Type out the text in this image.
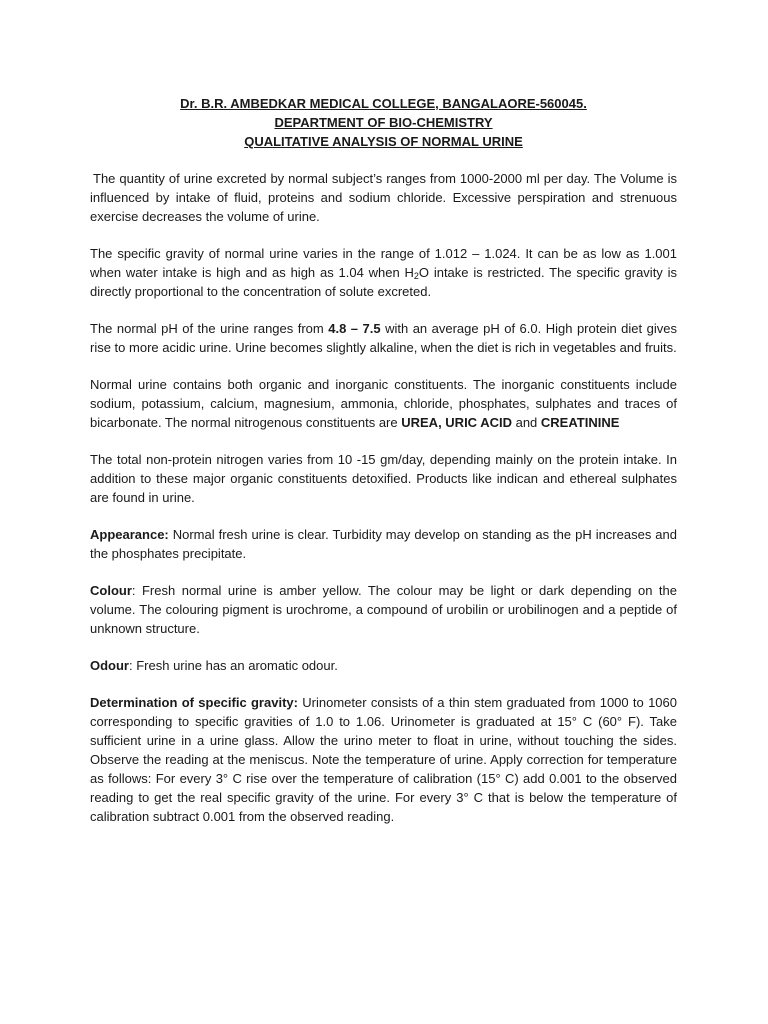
Dr. B.R. AMBEDKAR MEDICAL COLLEGE, BANGALAORE-560045.

DEPARTMENT OF BIO-CHEMISTRY

QUALITATIVE ANALYSIS OF NORMAL URINE

The quantity of urine excreted by normal subject’s ranges from 1000-2000 ml per day. The Volume is influenced by intake of fluid, proteins and sodium chloride. Excessive perspiration and strenuous exercise decreases the volume of urine.

The specific gravity of normal urine varies in the range of 1.012 – 1.024. It can be as low as 1.001 when water intake is high and as high as 1.04 when $H_2O$ intake is restricted. The specific gravity is directly proportional to the concentration of solute excreted.

The normal pH of the urine ranges from 4.8 – 7.5 with an average pH of 6.0. High protein diet gives rise to more acidic urine. Urine becomes slightly alkaline, when the diet is rich in vegetables and fruits.

Normal urine contains both organic and inorganic constituents. The inorganic constituents include sodium, potassium, calcium, magnesium, ammonia, chloride, phosphates, sulphates and traces of bicarbonate. The normal nitrogenous constituents are UREA, URIC ACID and CREATININE

The total non-protein nitrogen varies from 10 -15 gm/day, depending mainly on the protein intake. In addition to these major organic constituents detoxified. Products like indican and ethereal sulphates are found in urine.

Appearance: Normal fresh urine is clear. Turbidity may develop on standing as the pH increases and the phosphates precipitate.

Colour: Fresh normal urine is amber yellow. The colour may be light or dark depending on the volume. The colouring pigment is urochrome, a compound of urobilin or urobilinogen and a peptide of unknown structure.

Odour: Fresh urine has an aromatic odour.

Determination of specific gravity: Urinometer consists of a thin stem graduated from 1000 to 1060 corresponding to specific gravities of 1.0 to 1.06. Urinometer is graduated at 15° C (60° F). Take sufficient urine in a urine glass. Allow the urino meter to float in urine, without touching the sides. Observe the reading at the meniscus. Note the temperature of urine. Apply correction for temperature as follows: For every 3° C rise over the temperature of calibration (15° C) add 0.001 to the observed reading to get the real specific gravity of the urine. For every 3° C that is below the temperature of calibration subtract 0.001 from the observed reading.
